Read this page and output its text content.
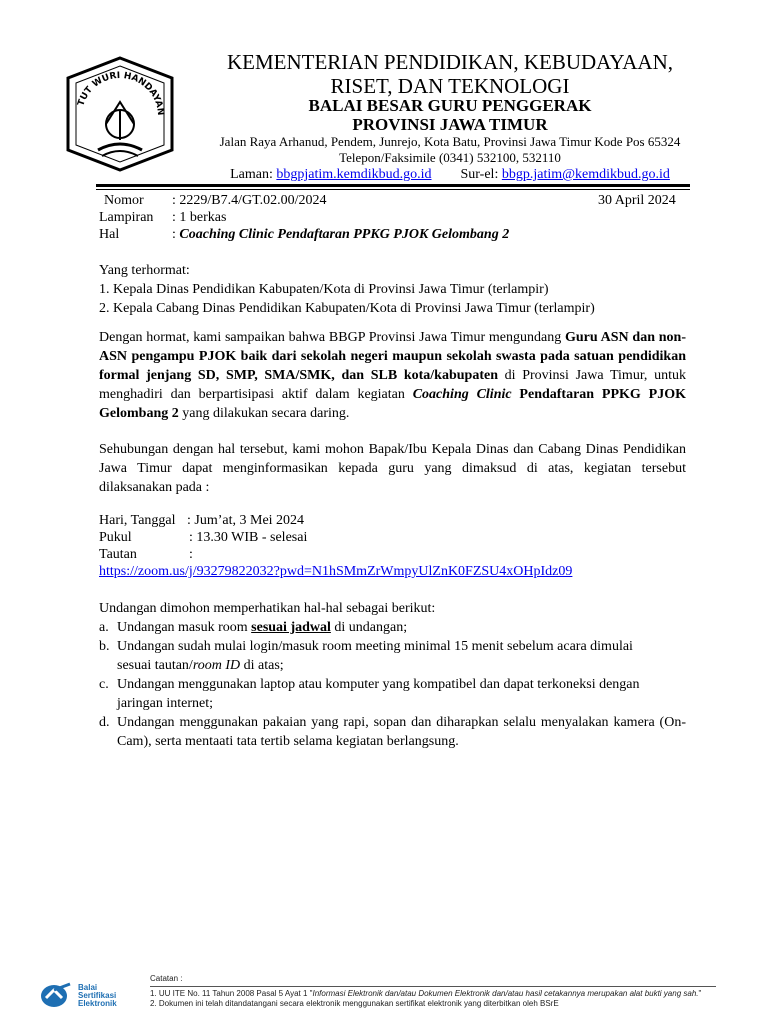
TUT WURI HANDAYAN
KEMENTERIAN PENDIDIKAN, KEBUDAYAAN,
RISET, DAN TEKNOLOGI
BALAI BESAR GURU PENGGERAK
PROVINSI JAWA TIMUR
Jalan Raya Arhanud, Pendem, Junrejo, Kota Batu, Provinsi Jawa Timur Kode Pos 65324
Telepon/Faksimile (0341) 532100, 532110
Laman: bbgpjatim.kemdikbud.go.id Sur-el: bbgp.jatim@kemdikbud.go.id
Nomor : 2229/B7.4/GT.02.00/2024	30 April 2024
Lampiran : 1 berkas
Hal	: Coaching Clinic Pendaftaran PPKG PJOK Gelombang 2

Yang terhormat:

1. Kepala Dinas Pendidikan Kabupaten/Kota di Provinsi Jawa Timur (terlampir)

2. Kepala Cabang Dinas Pendidikan Kabupaten/Kota di Provinsi Jawa Timur (terlampir)

Dengan hormat, kami sampaikan bahwa BBGP Provinsi Jawa Timur mengundang Guru ASN dan non-ASN pengampu PJOK baik dari sekolah negeri maupun sekolah swasta pada satuan pendidikan formal jenjang SD, SMP, SMA/SMK, dan SLB kota/kabupaten di Provinsi Jawa Timur, untuk menghadiri dan berpartisipasi aktif dalam kegiatan Coaching Clinic Pendaftaran PPKG PJOK Gelombang 2 yang dilakukan secara daring.

Sehubungan dengan hal tersebut, kami mohon Bapak/Ibu Kepala Dinas dan Cabang Dinas Pendidikan Jawa Timur dapat menginformasikan kepada guru yang dimaksud di atas, kegiatan tersebut dilaksanakan pada :

Hari, Tanggal : Jum’at, 3 Mei 2024
Pukul	: 13.30 WIB - selesai
Tautan	:
https://zoom.us/j/93279822032?pwd=N1hSMmZrWmpyUlZnK0FZSU4xOHpIdz09

Undangan dimohon memperhatikan hal-hal sebagai berikut:

a. Undangan masuk room sesuai jadwal di undangan;
b. Undangan sudah mulai login/masuk room meeting minimal 15 menit sebelum acara dimulai sesuai tautan/room ID di atas;
c. Undangan menggunakan laptop atau komputer yang kompatibel dan dapat terkoneksi dengan jaringan internet;
d. Undangan menggunakan pakaian yang rapi, sopan dan diharapkan selalu menyalakan kamera (On-Cam), serta mentaati tata tertib selama kegiatan berlangsung.
Balai
Sertifikasi
Elektronik
Catatan :
1. UU ITE No. 11 Tahun 2008 Pasal 5 Ayat 1 "Informasi Elektronik dan/atau Dokumen Elektronik dan/atau hasil cetakannya merupakan alat bukti yang sah."
2. Dokumen ini telah ditandatangani secara elektronik menggunakan sertifikat elektronik yang diterbitkan oleh BSrE
